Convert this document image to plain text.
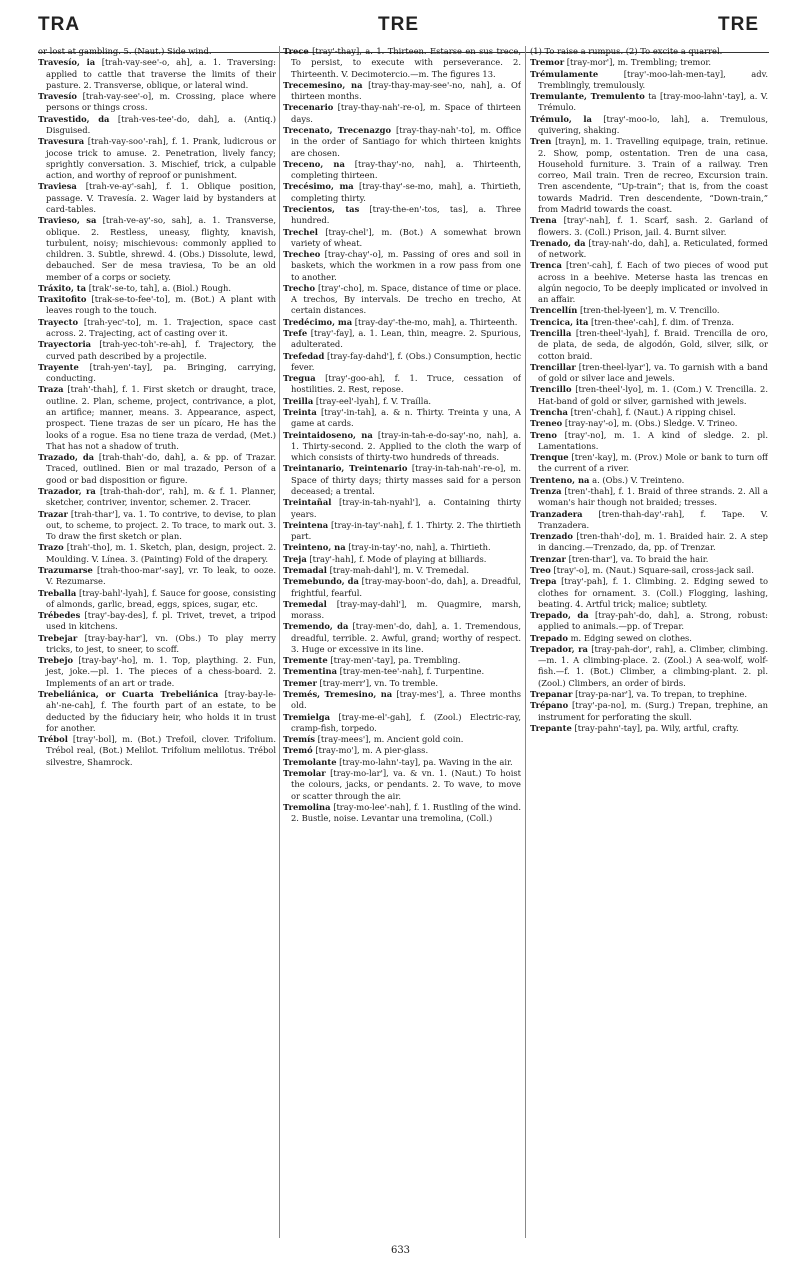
TRA	TRE	TRE
or lost at gambling. 5. (Naut.) Side wind.
Travesío, ia [trah-vay-see'-o, ah], a. 1. Traversing: applied to cattle that traverse the limits of their pasture. 2. Transverse, oblique, or lateral wind.
Travesío [trah-vay-see'-o], m. Crossing, place where persons or things cross.
Travestido, da [trah-ves-tee'-do, dah], a. (Antiq.) Disguised.
Travesura [trah-vay-soo'-rah], f. 1. Prank, ludicrous or jocose trick to amuse. 2. Penetration, lively fancy; sprightly conversation. 3. Mischief, trick, a culpable action, and worthy of reproof or punishment.
Traviesa [trah-ve-ay'-sah], f. 1. Oblique position, passage. V. Travesía. 2. Wager laid by bystanders at card-tables.
Travieso, sa [trah-ve-ay'-so, sah], a. 1. Transverse, oblique. 2. Restless, uneasy, flighty, knavish, turbulent, noisy; mischievous: commonly applied to children. 3. Subtle, shrewd. 4. (Obs.) Dissolute, lewd, debauched. Ser de mesa traviesa, To be an old member of a corps or society.
Tráxito, ta [trak'-se-to, tah], a. (Biol.) Rough.
Traxitofito [trak-se-to-fee'-to], m. (Bot.) A plant with leaves rough to the touch.
Trayecto [trah-yec'-to], m. 1. Trajection, space cast across. 2. Trajecting, act of casting over it.
Trayectoria [trah-yec-toh'-re-ah], f. Trajectory, the curved path described by a projectile.
Trayente [trah-yen'-tay], pa. Bringing, carrying, conducting.
Traza [trah'-thah], f. 1. First sketch or draught, trace, outline. 2. Plan, scheme, project, contrivance, a plot, an artifice; manner, means. 3. Appearance, aspect, prospect. Tiene trazas de ser un pícaro, He has the looks of a rogue. Esa no tiene traza de verdad, (Met.) That has not a shadow of truth.
Trazado, da [trah-thah'-do, dah], a. & pp. of Trazar. Traced, outlined. Bien or mal trazado, Person of a good or bad disposition or figure.
Trazador, ra [trah-thah-dor', rah], m. & f. 1. Planner, sketcher, contriver, inventor, schemer. 2. Tracer.
Trazar [trah-thar'], va. 1. To contrive, to devise, to plan out, to scheme, to project. 2. To trace, to mark out. 3. To draw the first sketch or plan.
Trazo [trah'-tho], m. 1. Sketch, plan, design, project. 2. Moulding. V. Línea. 3. (Painting) Fold of the drapery.
Trazumarse [trah-thoo-mar'-say], vr. To leak, to ooze. V. Rezumarse.
Treballa [tray-bahl'-lyah], f. Sauce for goose, consisting of almonds, garlic, bread, eggs, spices, sugar, etc.
Trébedes [tray'-bay-des], f. pl. Trivet, trevet, a tripod used in kitchens.
Trebejar [tray-bay-har'], vn. (Obs.) To play merry tricks, to jest, to sneer, to scoff.
Trebejo [tray-bay'-ho], m. 1. Top, plaything. 2. Fun, jest, joke.—pl. 1. The pieces of a chess-board. 2. Implements of an art or trade.
Trebeliánica, or Cuarta Trebeliánica [tray-bay-le-ah'-ne-cah], f. The fourth part of an estate, to be deducted by the fiduciary heir, who holds it in trust for another.
Trébol [tray'-bol], m. (Bot.) Trefoil, clover. Trifolium. Trébol real, (Bot.) Melilot. Trifolium melilotus. Trébol silvestre, Shamrock.
Trece [tray'-thay], a. 1. Thirteen. Estarse en sus trece, To persist, to execute with perseverance. 2. Thirteenth. V. Decimotercio.—m. The figures 13.
Trecemesino, na [tray-thay-may-see'-no, nah], a. Of thirteen months.
Trecenario [tray-thay-nah'-re-o], m. Space of thirteen days.
Trecenato, Trecenazgo [tray-thay-nah'-to], m. Office in the order of Santiago for which thirteen knights are chosen.
Treceno, na [tray-thay'-no, nah], a. Thirteenth, completing thirteen.
Trecésimo, ma [tray-thay'-se-mo, mah], a. Thirtieth, completing thirty.
Trecientos, tas [tray-the-en'-tos, tas], a. Three hundred.
Trechel [tray-chel'], m. (Bot.) A somewhat brown variety of wheat.
Trecheo [tray-chay'-o], m. Passing of ores and soil in baskets, which the workmen in a row pass from one to another.
Trecho [tray'-cho], m. Space, distance of time or place. A trechos, By intervals. De trecho en trecho, At certain distances.
Tredécimo, ma [tray-day'-the-mo, mah], a. Thirteenth.
Trefe [tray'-fay], a. 1. Lean, thin, meagre. 2. Spurious, adulterated.
Trefedad [tray-fay-dahd'], f. (Obs.) Consumption, hectic fever.
Tregua [tray'-goo-ah], f. 1. Truce, cessation of hostilities. 2. Rest, repose.
Treilla [tray-eel'-lyah], f. V. Traílla.
Treinta [tray'-in-tah], a. & n. Thirty. Treinta y una, A game at cards.
Treintaidoseno, na [tray-in-tah-e-do-say'-no, nah], a. 1. Thirty-second. 2. Applied to the cloth the warp of which consists of thirty-two hundreds of threads.
Treintanario, Treintenario [tray-in-tah-nah'-re-o], m. Space of thirty days; thirty masses said for a person deceased; a trental.
Treintañal [tray-in-tah-nyahl'], a. Containing thirty years.
Treintena [tray-in-tay'-nah], f. 1. Thirty. 2. The thirtieth part.
Treinteno, na [tray-in-tay'-no, nah], a. Thirtieth.
Treja [tray'-hah], f. Mode of playing at billiards.
Tremadal [tray-mah-dahl'], m. V. Tremedal.
Tremebundo, da [tray-may-boon'-do, dah], a. Dreadful, frightful, fearful.
Tremedal [tray-may-dahl'], m. Quagmire, marsh, morass.
Tremendo, da [tray-men'-do, dah], a. 1. Tremendous, dreadful, terrible. 2. Awful, grand; worthy of respect. 3. Huge or excessive in its line.
Trementе [tray-men'-tay], pa. Trembling.
Trementina [tray-men-tee'-nah], f. Turpentine.
Tremer [tray-merr'], vn. To tremble.
Tremés, Tremesino, na [tray-mes'], a. Three months old.
Tremielga [tray-me-el'-gah], f. (Zool.) Electric-ray, cramp-fish, torpedo.
Tremís [tray-mees'], m. Ancient gold coin.
Tremó [tray-mo'], m. A pier-glass.
Tremolante [tray-mo-lahn'-tay], pa. Waving in the air.
Tremolar [tray-mo-lar'], va. & vn. 1. (Naut.) To hoist the colours, jacks, or pendants. 2. To wave, to move or scatter through the air.
Tremolina [tray-mo-lee'-nah], f. 1. Rustling of the wind. 2. Bustle, noise. Levantar una tremolina, (Coll.)
(1) To raise a rumpus. (2) To excite a quarrel.
Tremor [tray-mor'], m. Trembling; tremor.
Trémulamente	[tray'-moo-lah-men-tay], adv. Tremblingly, tremulously.
Tremulante, Tremulento ta [tray-moo-lahn'-tay], a. V. Trémulo.
Trémulo, la [tray'-moo-lo, lah], a. Tremulous, quivering, shaking.
Tren [trayn], m. 1. Travelling equipage, train, retinue. 2. Show, pomp, ostentation. Tren de una casa, Household furniture. 3. Train of a railway. Tren correo, Mail train. Tren de recreo, Excursion train. Tren ascendente, “Up-train”; that is, from the coast towards Madrid. Tren descendente, “Down-train,” from Madrid towards the coast.
Trena [tray'-nah], f. 1. Scarf, sash. 2. Garland of flowers. 3. (Coll.) Prison, jail. 4. Burnt silver.
Trenado, da [tray-nah'-do, dah], a. Reticulated, formed of network.
Trenca [tren'-cah], f. Each of two pieces of wood put across in a beehive. Meterse hasta las trencas en algún negocio, To be deeply implicated or involved in an affair.
Trencellín [tren-thel-lyeen'], m. V. Trencillo.
Trencica, ita [tren-thee'-cah], f. dim. of Trenza.
Trencilla [tren-theel'-lyah], f. Braid. Trencilla de oro, de plata, de seda, de algodón, Gold, silver, silk, or cotton braid.
Trencillar [tren-theel-lyar'], va. To garnish with a band of gold or silver lace and jewels.
Trencillo [tren-theel'-lyo], m. 1. (Com.) V. Trencilla. 2. Hat-band of gold or silver, garnished with jewels.
Trencha [tren'-chah], f. (Naut.) A ripping chisel.
Treneo [tray-nay'-o], m. (Obs.) Sledge. V. Trineo.
Treno [tray'-no], m. 1. A kind of sledge. 2. pl. Lamentations.
Trenque [tren'-kay], m. (Prov.) Mole or bank to turn off the current of a river.
Trenteno, na a. (Obs.) V. Treinteno.
Trenza [tren'-thah], f. 1. Braid of three strands. 2. All a woman's hair though not braided; tresses.
Tranzadera [tren-thah-day'-rah], f. Tape. V. Tranzadera.
Trenzado [tren-thah'-do], m. 1. Braided hair. 2. A step in dancing.—Trenzado, da, pp. of Trenzar.
Trenzar [tren-thar'], va. To braid the hair.
Treo [tray'-o], m. (Naut.) Square-sail, cross-jack sail.
Trepa [tray'-pah], f. 1. Climbing. 2. Edging sewed to clothes for ornament. 3. (Coll.) Flogging, lashing, beating. 4. Artful trick; malice; subtlety.
Trepado, da [tray-pah'-do, dah], a. Strong, robust: applied to animals.—pp. of Trepar.
Trepado m. Edging sewed on clothes.
Trepador, ra [tray-pah-dor', rah], a. Climber, climbing.—m. 1. A climbing-place. 2. (Zool.) A sea-wolf, wolf-fish.—f. 1. (Bot.) Climber, a climbing-plant. 2. pl. (Zool.) Climbers, an order of birds.
Trepanar [tray-pa-nar'], va. To trepan, to trephine.
Trépano [tray'-pa-no], m. (Surg.) Trepan, trephine, an instrument for perforating the skull.
Trepante [tray-pahn'-tay], pa. Wily, artful, crafty.
633
